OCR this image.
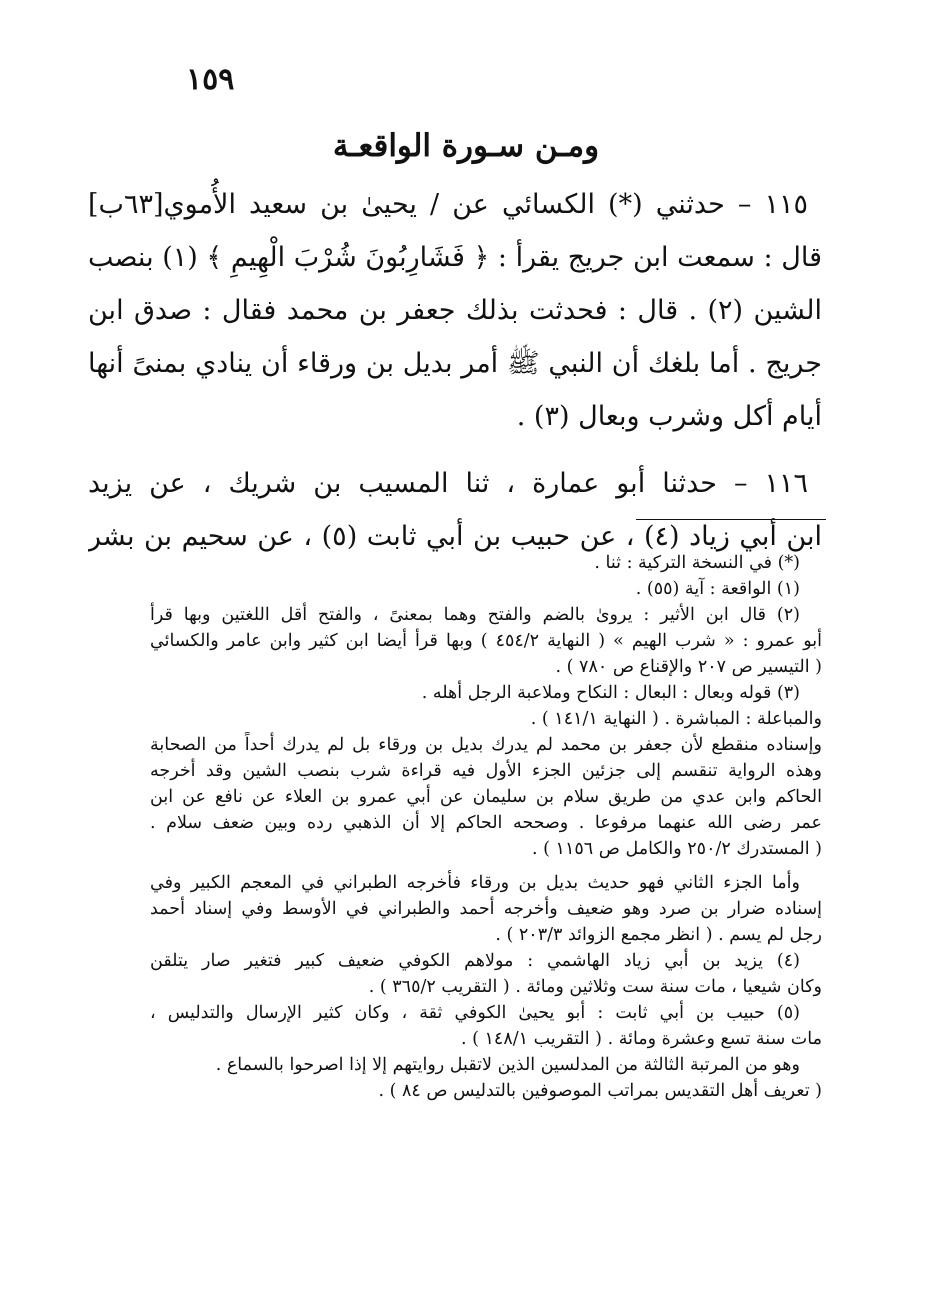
١٥٩
ومـن سـورة الواقعـة
١١٥ – حدثني (*) الكسائي عن / يحيىٰ بن سعيد الأُموي[٦٣ب]
قال : سمعت ابن جريج يقرأ : ﴿ فَشَارِبُونَ شُرْبَ الْهِيمِ ﴾ (١) بنصب
الشين (٢) . قال : فحدثت بذلك جعفر بن محمد فقال : صدق ابن
جريج . أما بلغك أن النبي ﷺ أمر بديل بن ورقاء أن ينادي بمنىً أنها
أيام أكل وشرب وبعال (٣) .
١١٦ – حدثنا أبو عمارة ، ثنا المسيب بن شريك ، عن يزيد
ابن أبي زياد (٤) ، عن حبيب بن أبي ثابت (٥) ، عن سحيم بن بشر
(*) في النسخة التركية : ثنا .
(١) الواقعة : آية (٥٥) .
(٢) قال ابن الأثير : يروىٰ بالضم والفتح وهما بمعنىً ، والفتح أقل اللغتين وبها قرأ
أبو عمرو : « شرب الهيم » ( النهاية ٤٥٤/٢ ) وبها قرأ أيضا ابن كثير وابن عامر والكسائي
( التيسير ص ٢٠٧ والإقناع ص ٧٨٠ ) .
(٣) قوله وبعال : البعال : النكاح وملاعبة الرجل أهله .
والمباعلة : المباشرة . ( النهاية ١٤١/١ ) .
وإسناده منقطع لأن جعفر بن محمد لم يدرك بديل بن ورقاء بل لم يدرك أحداً من الصحابة
وهذه الرواية تنقسم إلى جزئين الجزء الأول فيه قراءة شرب بنصب الشين وقد أخرجه
الحاكم وابن عدي من طريق سلام بن سليمان عن أبي عمرو بن العلاء عن نافع عن ابن
عمر رضى الله عنهما مرفوعا . وصححه الحاكم إلا أن الذهبي رده وبين ضعف سلام .
( المستدرك ٢٥٠/٢ والكامل ص ١١٥٦ ) .
وأما الجزء الثاني فهو حديث بديل بن ورقاء فأخرجه الطبراني في المعجم الكبير وفي
إسناده ضرار بن صرد وهو ضعيف وأخرجه أحمد والطبراني في الأوسط وفي إسناد أحمد
رجل لم يسم . ( انظر مجمع الزوائد ٢٠٣/٣ ) .
(٤) يزيد بن أبي زياد الهاشمي : مولاهم الكوفي ضعيف كبير فتغير صار يتلقن
وكان شيعيا ، مات سنة ست وثلاثين ومائة . ( التقريب ٣٦٥/٢ ) .
(٥) حبيب بن أبي ثابت : أبو يحيىٰ الكوفي ثقة ، وكان كثير الإرسال والتدليس ،
مات سنة تسع وعشرة ومائة . ( التقريب ١٤٨/١ ) .
وهو من المرتبة الثالثة من المدلسين الذين لاتقبل روايتهم إلا إذا اصرحوا بالسماع .
( تعريف أهل التقديس بمراتب الموصوفين بالتدليس ص ٨٤ ) .
